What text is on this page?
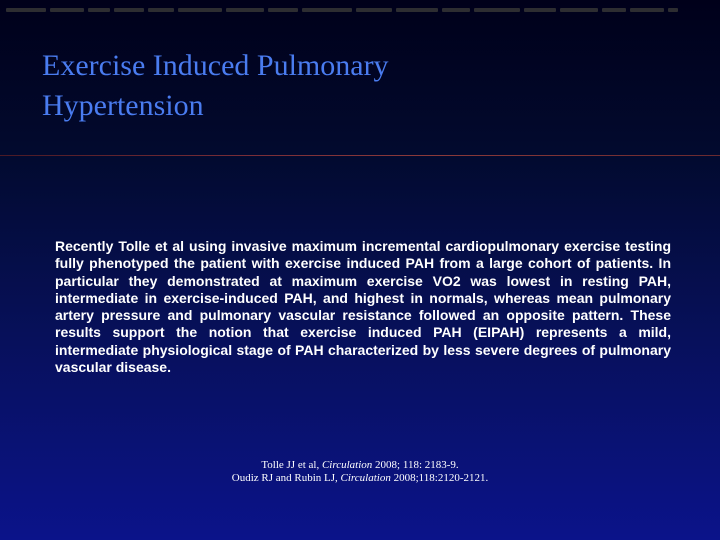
Exercise Induced Pulmonary
Hypertension

Recently Tolle et al using invasive maximum incremental cardiopulmonary exercise testing fully phenotyped the patient with exercise induced PAH from a large cohort of patients. In particular they demonstrated at maximum exercise VO2 was lowest in resting PAH, intermediate in exercise-induced PAH, and highest in normals, whereas mean pulmonary artery pressure and pulmonary vascular resistance followed an opposite pattern. These results support the notion that exercise induced PAH (EIPAH) represents a mild, intermediate physiological stage of PAH characterized by less severe degrees of pulmonary vascular disease.

Tolle JJ et al, Circulation 2008; 118: 2183-9.
Oudiz RJ and Rubin LJ, Circulation 2008;118:2120-2121.
